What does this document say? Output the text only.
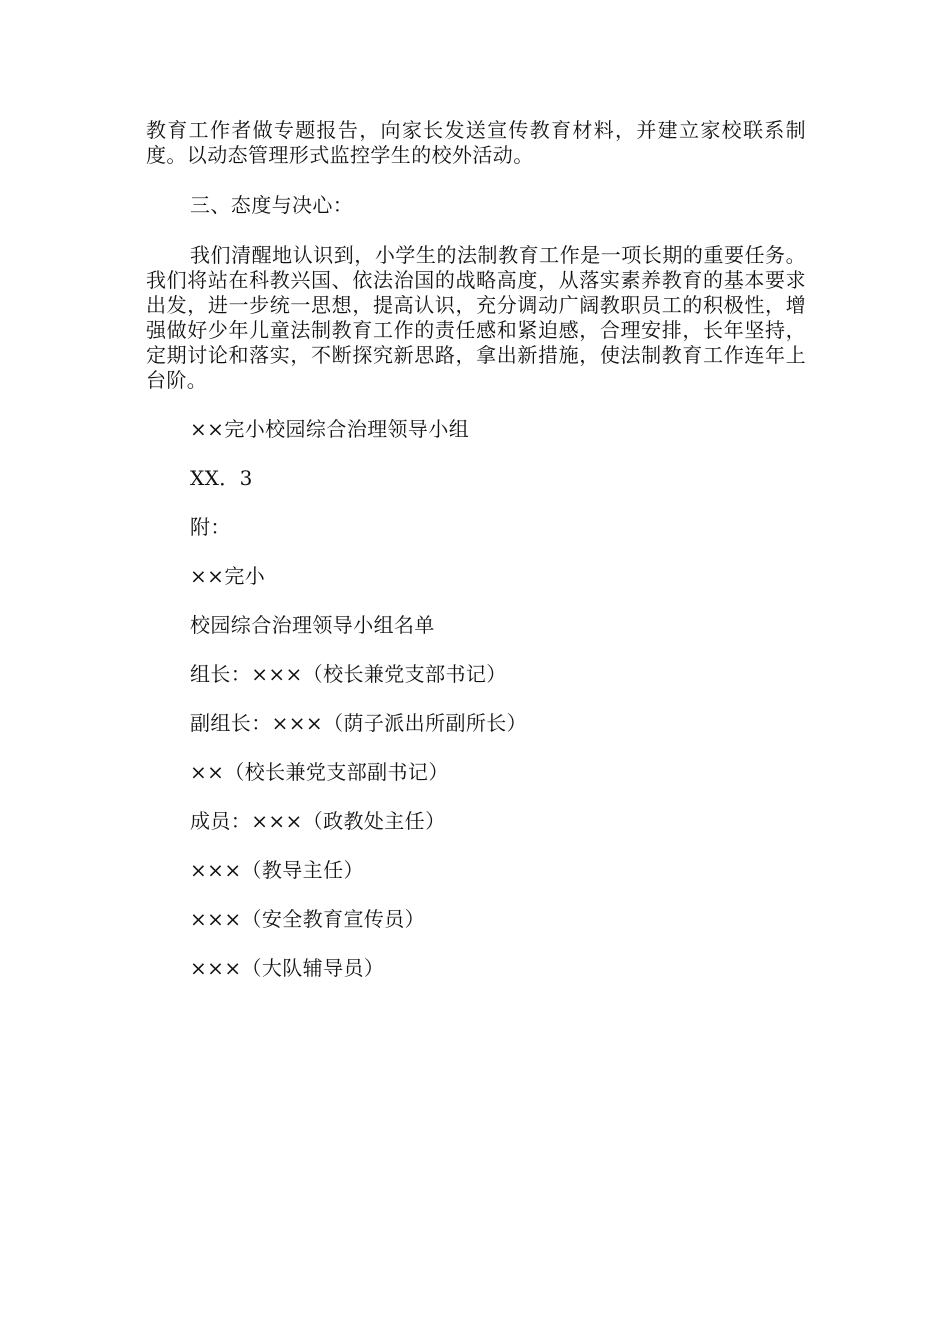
教育工作者做专题报告，向家长发送宣传教育材料，并建立家校联系制度。以动态管理形式监控学生的校外活动。

三、态度与决心：

我们清醒地认识到，小学生的法制教育工作是一项长期的重要任务。我们将站在科教兴国、依法治国的战略高度，从落实素养教育的基本要求出发，进一步统一思想，提高认识，充分调动广阔教职员工的积极性，增强做好少年儿童法制教育工作的责任感和紧迫感，合理安排，长年坚持，定期讨论和落实，不断探究新思路，拿出新措施，使法制教育工作连年上台阶。

××完小校园综合治理领导小组

XX．3

附：

××完小

校园综合治理领导小组名单

组长：×××（校长兼党支部书记）

副组长：×××（荫子派出所副所长）

××（校长兼党支部副书记）

成员：×××（政教处主任）

×××（教导主任）

×××（安全教育宣传员）

×××（大队辅导员）
